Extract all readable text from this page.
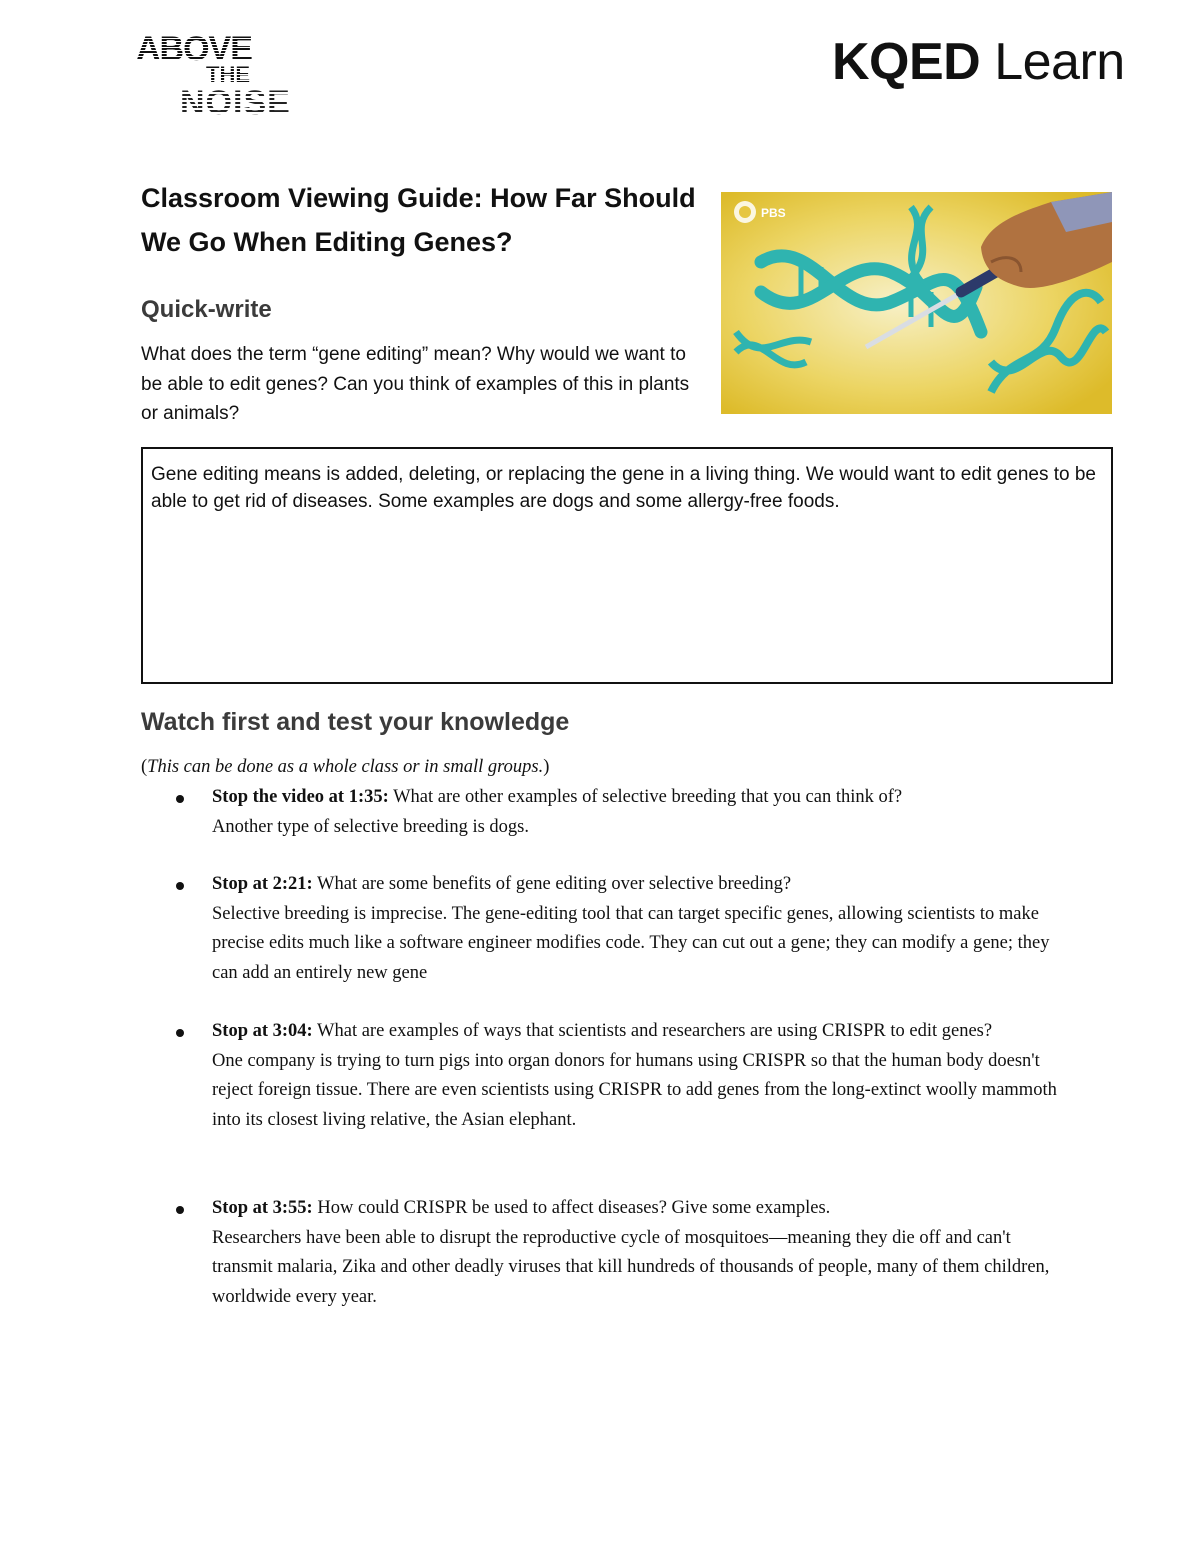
ABOVE
THE
NOISE
KQED Learn
Classroom Viewing Guide: How Far Should We Go When Editing Genes?
PBS
Quick-write
What does the term “gene editing” mean? Why would we want to be able to edit genes? Can you think of examples of this in plants or animals?
Gene editing means is added, deleting, or replacing the gene in a living thing. We would want to edit genes to be able to get rid of diseases. Some examples are dogs and some allergy-free foods.
Watch first and test your knowledge
(This can be done as a whole class or in small groups.)
Stop the video at 1:35: What are other examples of selective breeding that you can think of?
Another type of selective breeding is dogs.
Stop at 2:21: What are some benefits of gene editing over selective breeding?
Selective breeding is imprecise. The gene-editing tool that can target specific genes, allowing scientists to make precise edits much like a software engineer modifies code. They can cut out a gene; they can modify a gene; they can add an entirely new gene
Stop at 3:04: What are examples of ways that scientists and researchers are using CRISPR to edit genes?
One company is trying to turn pigs into organ donors for humans using CRISPR so that the human body doesn't reject foreign tissue. There are even scientists using CRISPR to add genes from the long-extinct woolly mammoth into its closest living relative, the Asian elephant.
Stop at 3:55: How could CRISPR be used to affect diseases? Give some examples.
Researchers have been able to disrupt the reproductive cycle of mosquitoes—meaning they die off and can't transmit malaria, Zika and other deadly viruses that kill hundreds of thousands of people, many of them children, worldwide every year.
